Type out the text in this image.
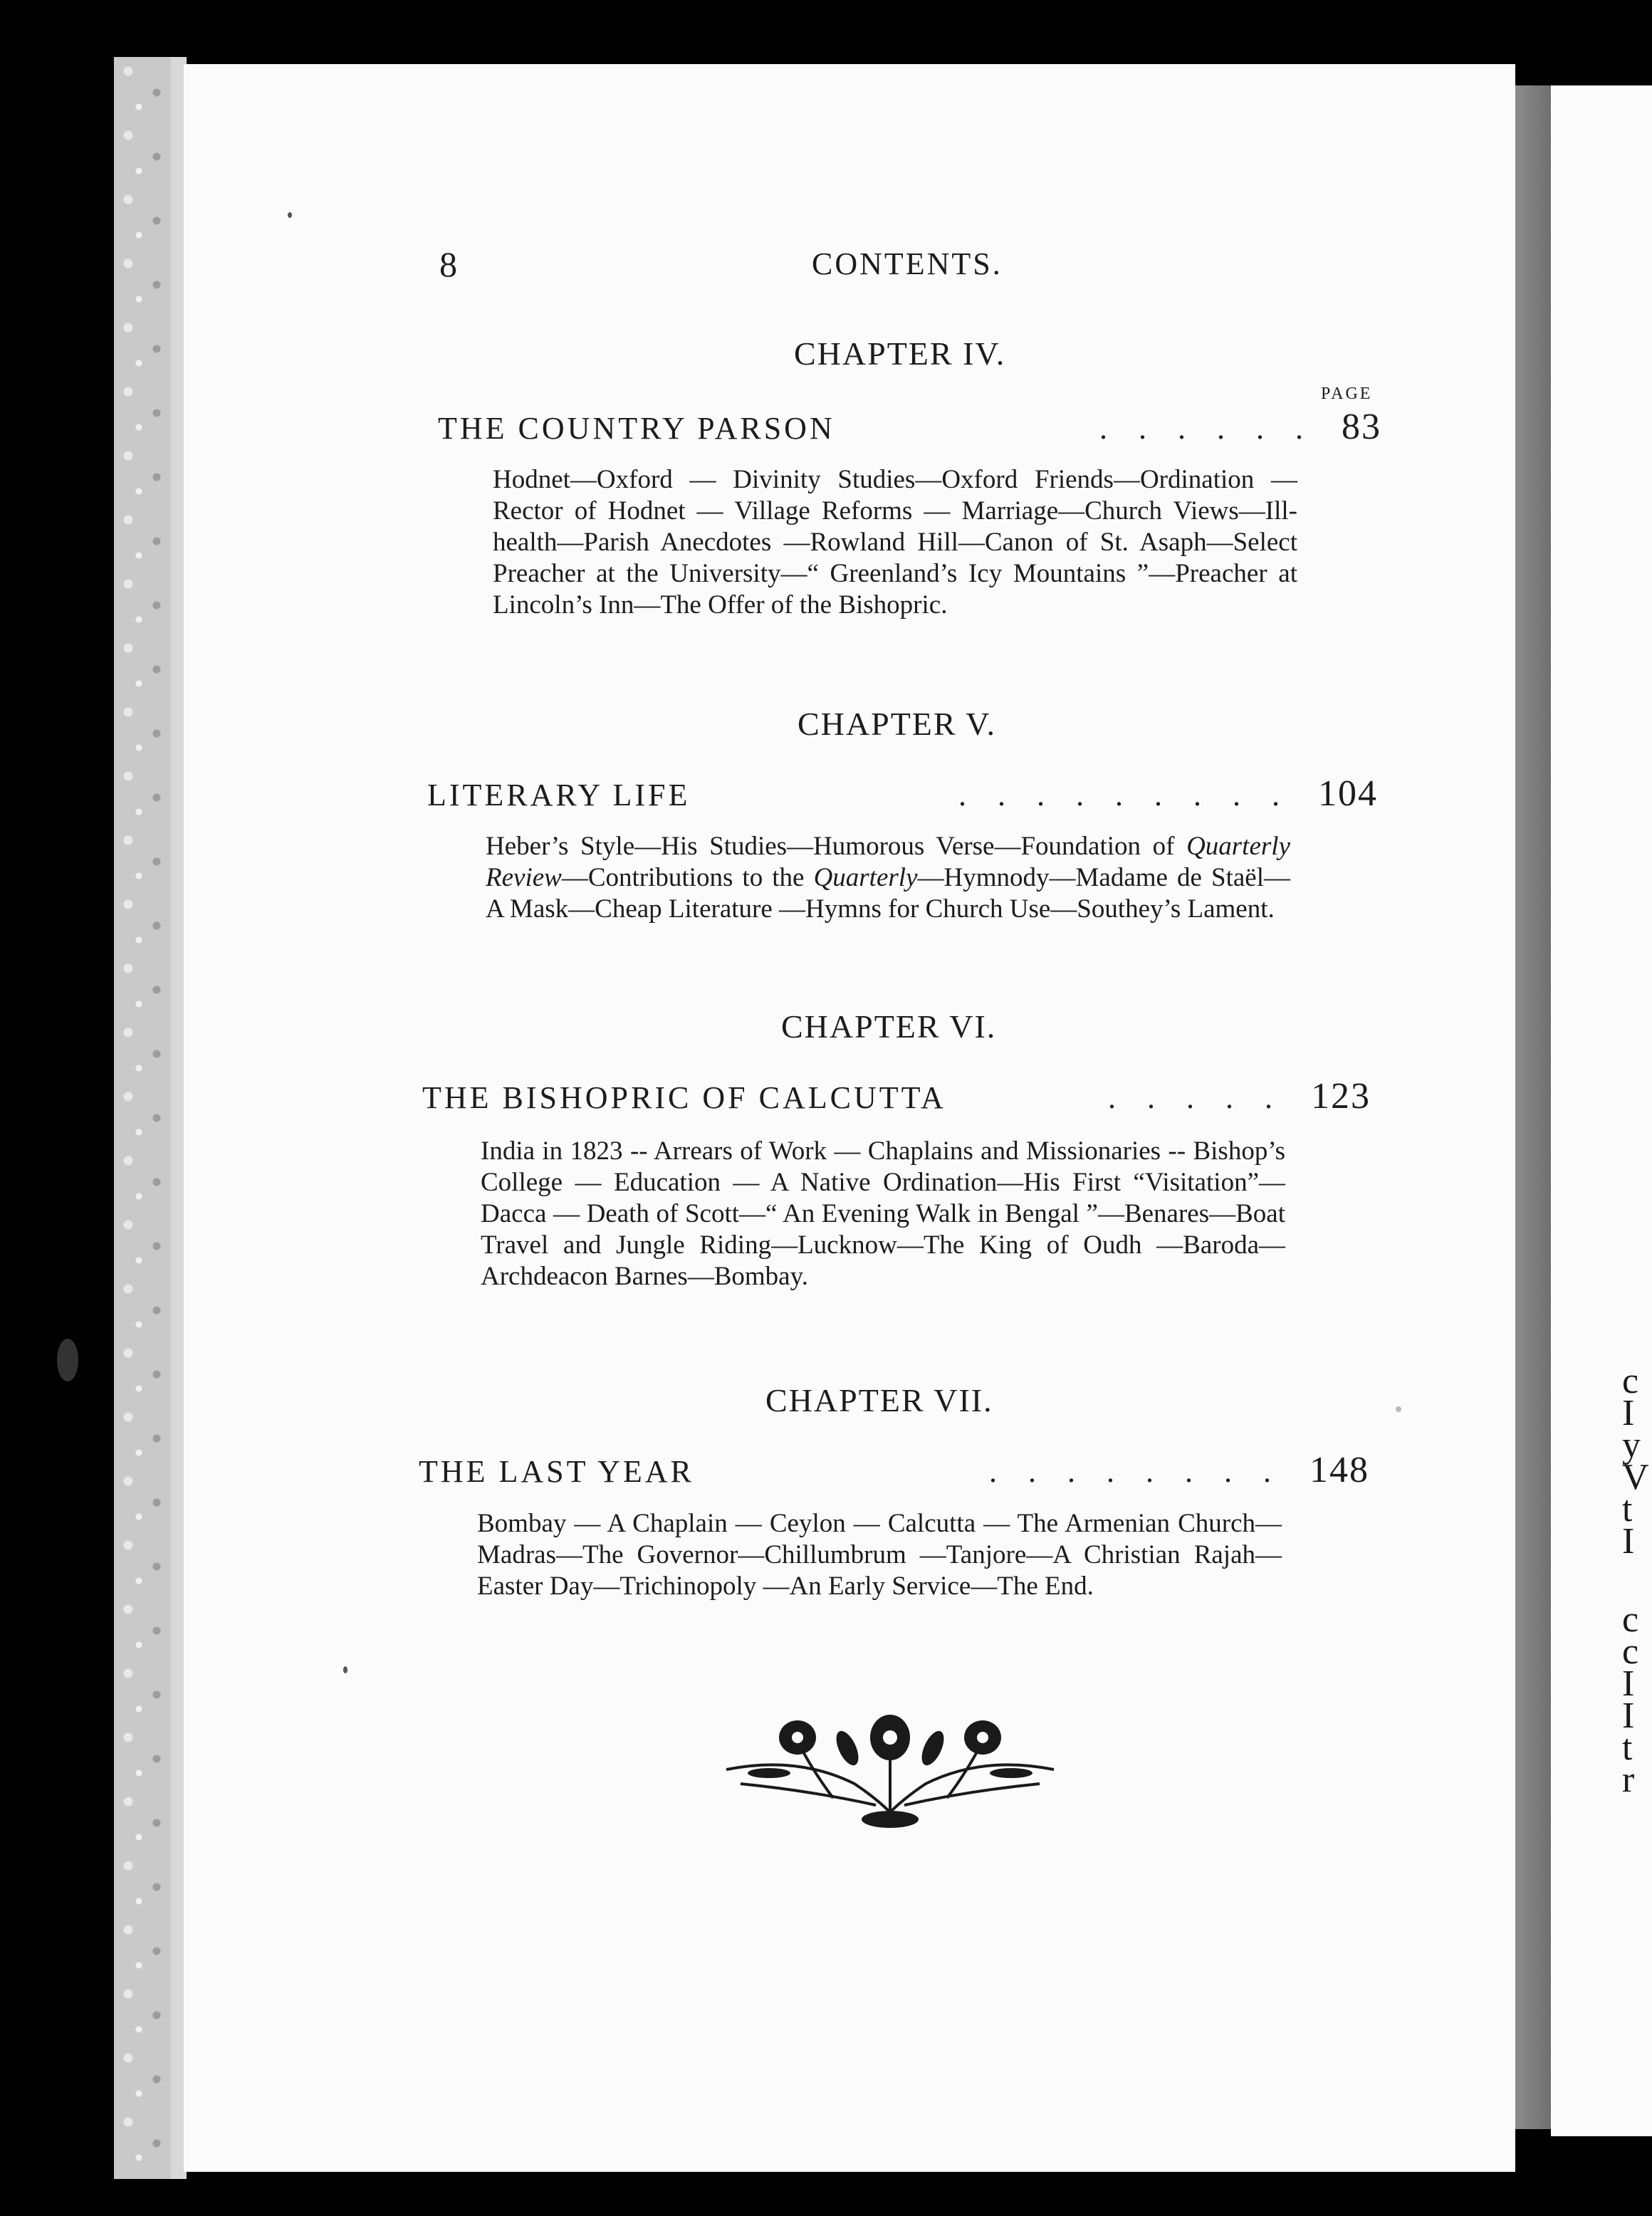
c
I
y
V
t
I
c
c
I
I
t
r
8	CONTENTS.
CHAPTER IV.
PAGE
THE COUNTRY PARSON	...... 83
Hodnet—Oxford — Divinity Studies—Oxford Friends—Ordination — Rector of Hodnet — Village Reforms — Marriage—Church Views—Ill-health—Parish Anecdotes —Rowland Hill—Canon of St. Asaph—Select Preacher at the University—“ Greenland’s Icy Mountains ”—Preacher at Lincoln’s Inn—The Offer of the Bishopric.
CHAPTER V.
LITERARY LIFE	......... 104
Heber’s Style—His Studies—Humorous Verse—Foundation of Quarterly Review—Contributions to the Quarterly—Hymnody—Madame de Staël—A Mask—Cheap Literature —Hymns for Church Use—Southey’s Lament.
CHAPTER VI.
THE BISHOPRIC OF CALCUTTA	..... 123
India in 1823 -- Arrears of Work — Chaplains and Missionaries -- Bishop’s College — Education — A Native Ordination—His First “Visitation”—Dacca — Death of Scott—“ An Evening Walk in Bengal ”—Benares—Boat Travel and Jungle Riding—Lucknow—The King of Oudh —Baroda—Archdeacon Barnes—Bombay.
CHAPTER VII.
THE LAST YEAR	........ 148
Bombay — A Chaplain — Ceylon — Calcutta — The Armenian Church—Madras—The Governor—Chillumbrum —Tanjore—A Christian Rajah—Easter Day—Trichinopoly —An Early Service—The End.
